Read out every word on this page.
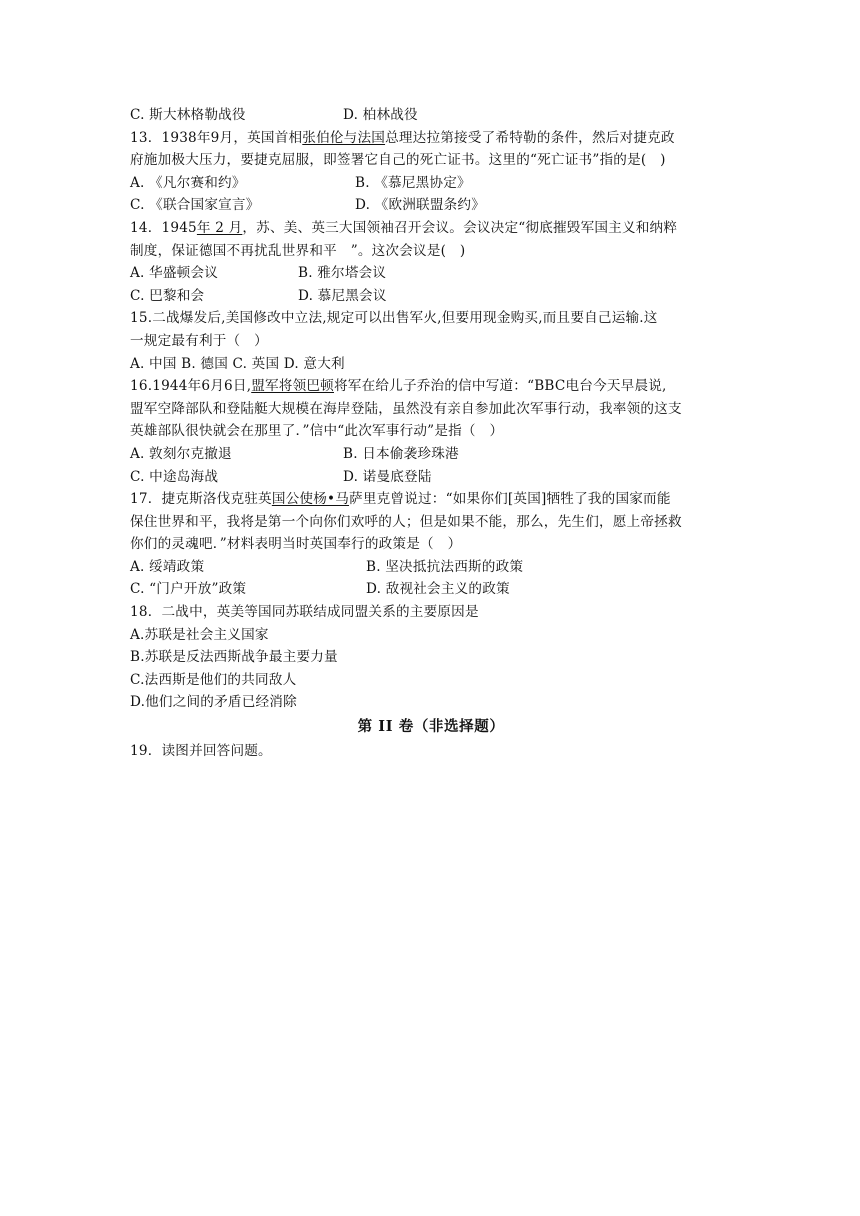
C. 斯大林格勒战役	D. 柏林战役
13．1938年9月，英国首相张伯伦与法国总理达拉第接受了希特勒的条件，然后对捷克政
府施加极大压力，要捷克屈服，即签署它自己的死亡证书。这里的“死亡证书”指的是(　)
A. 《凡尔赛和约》	B. 《慕尼黑协定》
C. 《联合国家宣言》	D. 《欧洲联盟条约》
14．1945年 2 月，苏、美、英三大国领袖召开会议。会议决定“彻底摧毁军国主义和纳粹
制度，保证德国不再扰乱世界和平　”。这次会议是(　)
A. 华盛顿会议	B. 雅尔塔会议
C. 巴黎和会	D. 慕尼黑会议
15.二战爆发后,美国修改中立法,规定可以出售军火,但要用现金购买,而且要自己运输.这
一规定最有利于（　）
A. 中国 B. 德国 C. 英国 D. 意大利
16.1944年6月6日,盟军将领巴顿将军在给儿子乔治的信中写道：“BBC电台今天早晨说,
盟军空降部队和登陆艇大规模在海岸登陆，虽然没有亲自参加此次军事行动，我率领的这支
英雄部队很快就会在那里了．”信中“此次军事行动”是指（　）
A. 敦刻尔克撤退	B. 日本偷袭珍珠港
C. 中途岛海战	D. 诺曼底登陆
17．捷克斯洛伐克驻英国公使杨•马萨里克曾说过：“如果你们[英国]牺牲了我的国家而能
保住世界和平，我将是第一个向你们欢呼的人；但是如果不能，那么，先生们，愿上帝拯救
你们的灵魂吧．”材料表明当时英国奉行的政策是（　）
A. 绥靖政策	B. 坚决抵抗法西斯的政策
C. “门户开放”政策	D. 敌视社会主义的政策
18．二战中，英美等国同苏联结成同盟关系的主要原因是
A.苏联是社会主义国家
B.苏联是反法西斯战争最主要力量
C.法西斯是他们的共同敌人
D.他们之间的矛盾已经消除
第 II 卷（非选择题）
19．读图并回答问题。
